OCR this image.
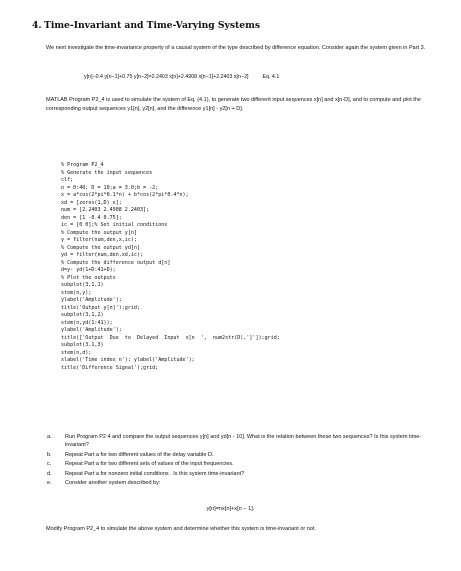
4. Time-Invariant and Time-Varying Systems

We next investigate the time-invariance property of a causal system of the type described by difference equation. Consider again the system given in Part 3.

y[n]−0.4 y[n−1]+0.75 y[n−2]=2.2403 x[n]+2.4908 x[n−1]+2.2403 x[n−2]	Eq. 4.1

MATLAB Program P2_4 is used to simulate the system of Eq. (4.1), to generate two different input sequences x[n] and x[n-D], and to compute and plot the corresponding output sequences y1[n], y2[n], and the difference y1[n] - y2[n + D].

% Program P2_4
% Generate the input sequences
clf;
n = 0:40; D = 10;a = 3.0;b = -2;
x = a*cos(2*pi*0.1*n) + b*cos(2*pi*0.4*n);
xd = [zeros(1,D) x];
num = [2.2403 2.4908 2.2403];
den = [1 -0.4 0.75];
ic = [0 0];% Set initial conditions
% Compute the output y[n]
y = filter(num,den,x,ic);
% Compute the output yd[n]
yd = filter(num,den,xd,ic);
% Compute the difference output d[n]
d=y- yd(1+D:41+D);
% Plot the outputs
subplot(3,1,1)
stem(n,y);
ylabel('Amplitude');
title('Output y[n]');grid;
subplot(3,1,2)
stem(n,yd(1:41));
ylabel('Amplitude');
title(['Output  Due  to  Delayed  Input  x[n  ',  num2str(D),']']);grid;
subplot(3,1,3)
stem(n,d);
xlabel('Time index n'); ylabel('Amplitude');
title('Difference Signal');grid;
a. Run Program P2 4 and compare the output sequences y[n] and yd[n - 10]. What is the relation between these two sequences? Is this system time-invariant?
b. Repeat Part a for two different values of the delay variable D.
c. Repeat Part a for two different sets of values of the input frequencies.
d. Repeat Part a for nonzero initial conditions . Is this system time-invariant?
e. Consider another system described by:
y[n]=nx[n]+x[n − 1].

Modify Program P2_4 to simulate the above system and determine whether this system is time-invariant or not.
